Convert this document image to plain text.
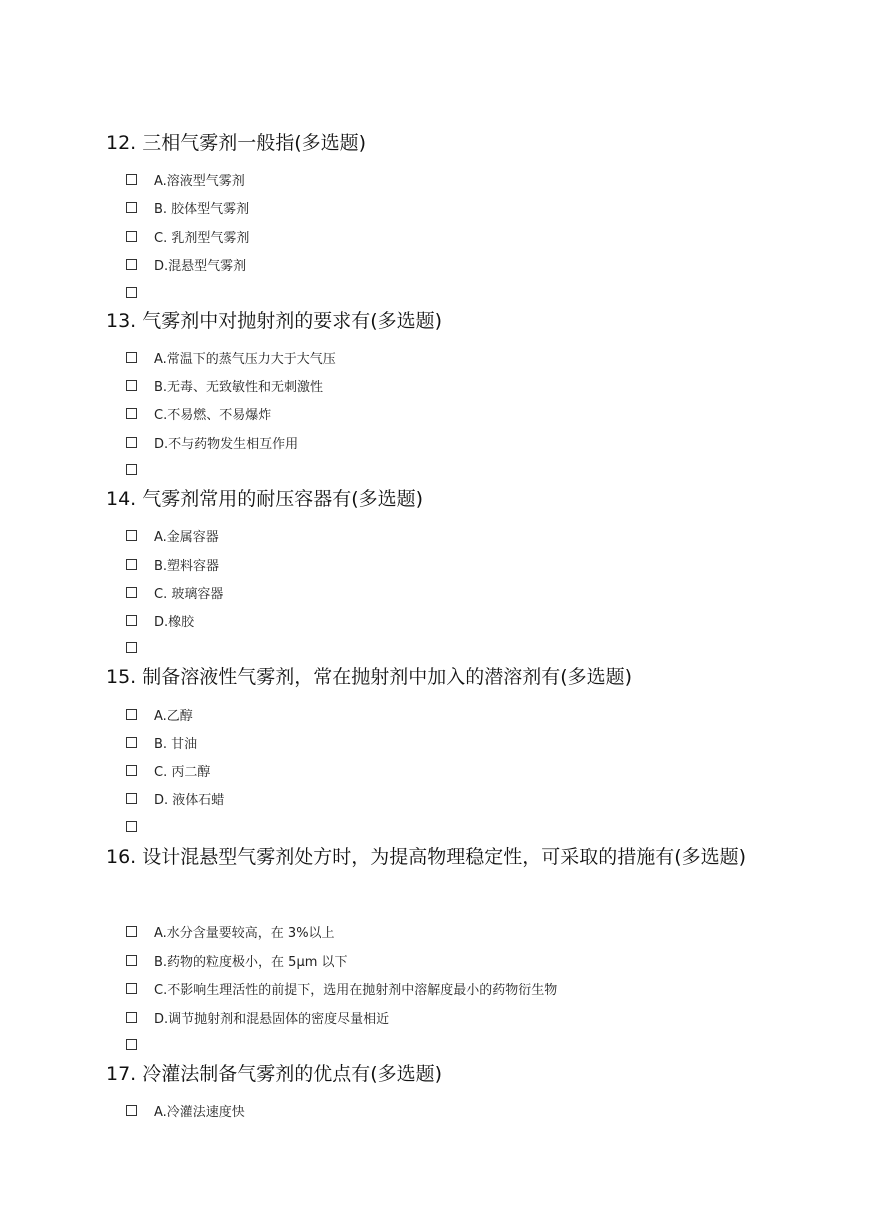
12. 三相气雾剂一般指(多选题)
A.溶液型气雾剂
B. 胶体型气雾剂
C. 乳剂型气雾剂
D.混悬型气雾剂
13. 气雾剂中对抛射剂的要求有(多选题)
A.常温下的蒸气压力大于大气压
B.无毒、无致敏性和无刺激性
C.不易燃、不易爆炸
D.不与药物发生相互作用
14. 气雾剂常用的耐压容器有(多选题)
A.金属容器
B.塑料容器
C. 玻璃容器
D.橡胶
15. 制备溶液性气雾剂，常在抛射剂中加入的潜溶剂有(多选题)
A.乙醇
B. 甘油
C. 丙二醇
D. 液体石蜡
16. 设计混悬型气雾剂处方时，为提高物理稳定性，可采取的措施有(多选题)
A.水分含量要较高，在 3%以上
B.药物的粒度极小，在 5μm 以下
C.不影响生理活性的前提下，选用在抛射剂中溶解度最小的药物衍生物
D.调节抛射剂和混悬固体的密度尽量相近
17. 冷灌法制备气雾剂的优点有(多选题)
A.冷灌法速度快
